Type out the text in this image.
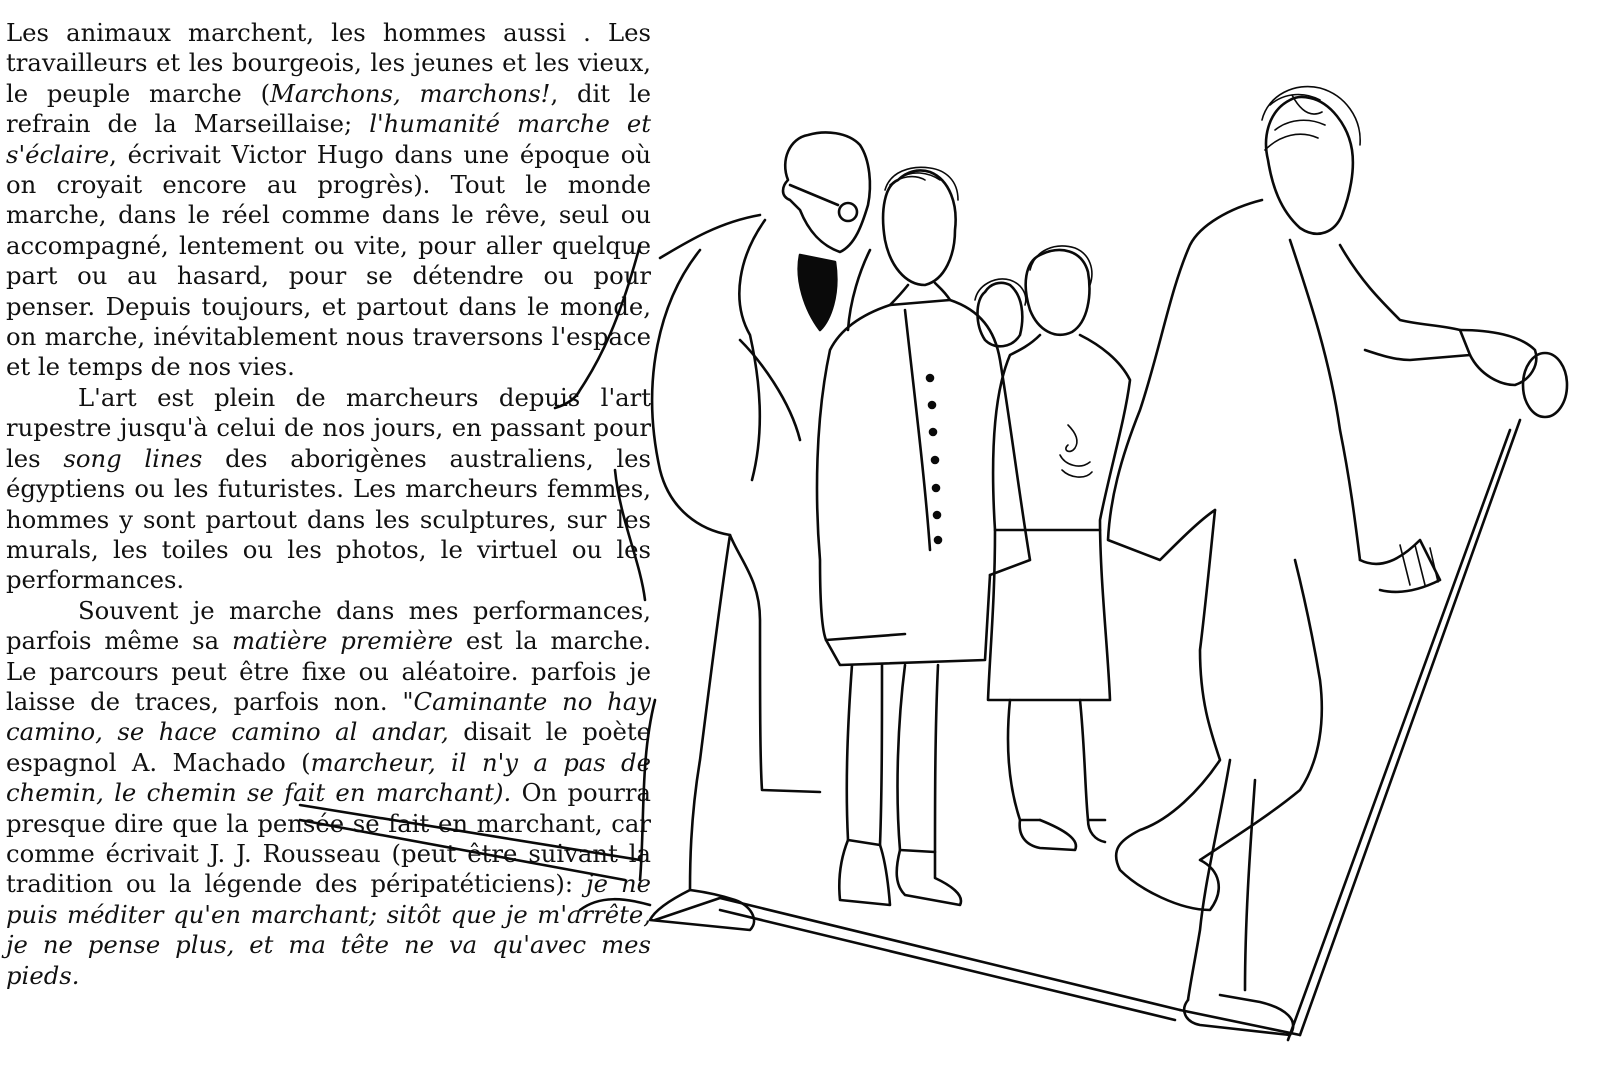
Les animaux marchent, les hommes aussi . Les travailleurs et les bourgeois, les jeunes et les vieux, le peuple marche (Marchons, marchons!, dit le refrain de la Marseillaise; l'humanité marche et s'éclaire, écrivait Victor Hugo dans une époque où on croyait encore au progrès). Tout le monde marche, dans le réel comme dans le rêve, seul ou accompagné, lentement ou vite, pour aller quelque part ou au hasard, pour se détendre ou pour penser. Depuis toujours, et partout dans le monde, on marche, inévitablement nous traversons l'espace et le temps de nos vies.

L'art est plein de marcheurs depuis l'art rupestre jusqu'à celui de nos jours, en passant pour les song lines des aborigènes australiens, les égyptiens ou les futuristes. Les marcheurs femmes, hommes y sont partout dans les sculptures, sur les murals, les toiles ou les photos, le virtuel ou les performances.

Souvent je marche dans mes performances, parfois même sa matière première est la marche. Le parcours peut être fixe ou aléatoire. parfois je laisse de traces, parfois non. "Caminante no hay camino, se hace camino al andar, disait le poète espagnol A. Machado (marcheur, il n'y a pas de chemin, le chemin se fait en marchant). On pourra presque dire que la pensée se fait en marchant, car comme écrivait J. J. Rousseau (peut être suivant la tradition ou la légende des péripatéticiens): je ne puis méditer qu'en marchant; sitôt que je m'arrête, je ne pense plus, et ma tête ne va qu'avec mes pieds.
